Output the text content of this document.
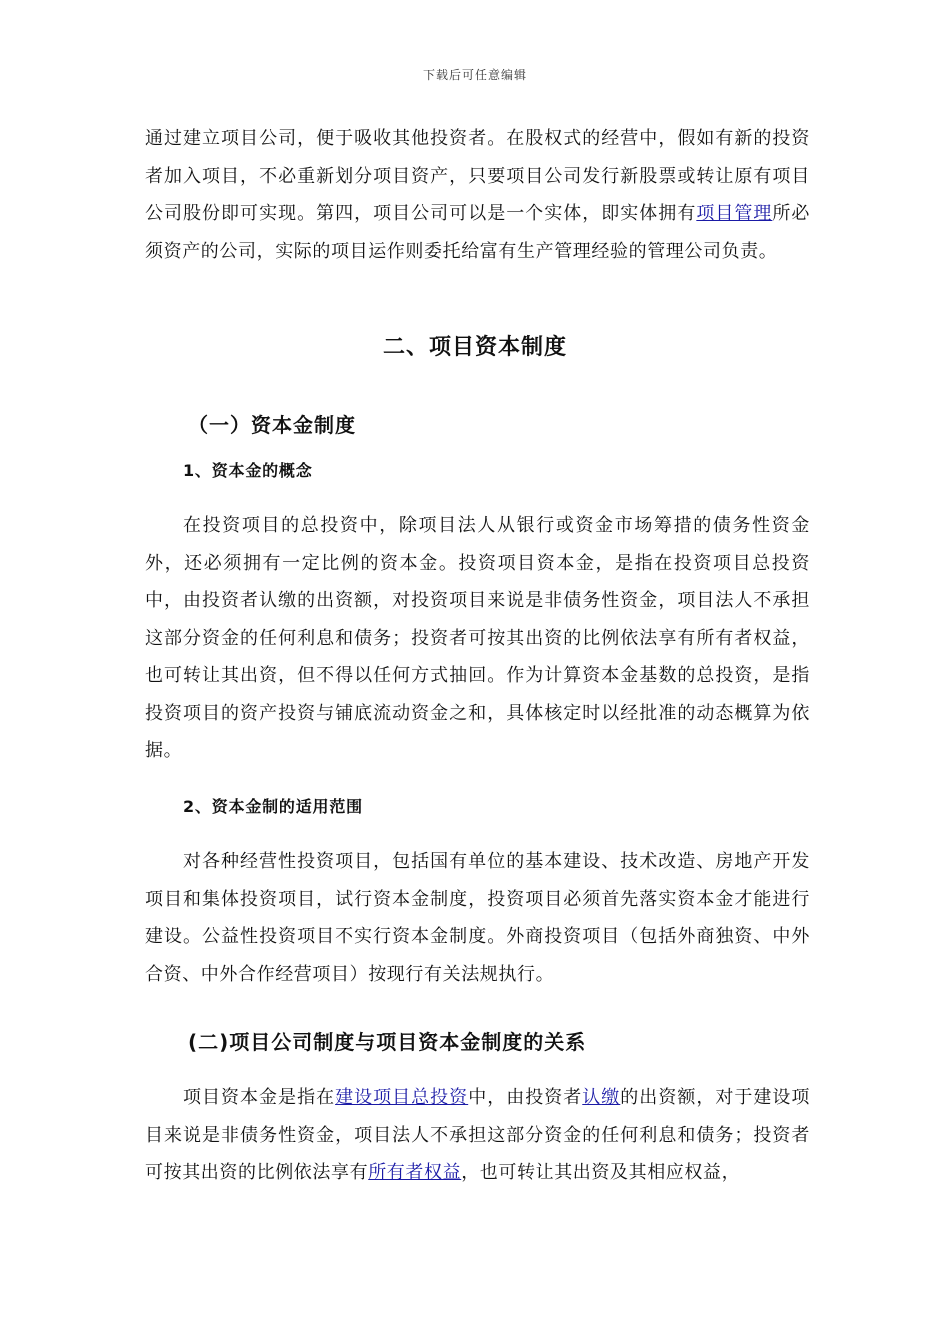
下载后可任意编辑

通过建立项目公司，便于吸收其他投资者。在股权式的经营中，假如有新的投资者加入项目，不必重新划分项目资产，只要项目公司发行新股票或转让原有项目公司股份即可实现。第四，项目公司可以是一个实体，即实体拥有项目管理所必须资产的公司，实际的项目运作则委托给富有生产管理经验的管理公司负责。

二、项目资本制度
（一）资本金制度
1、资本金的概念

在投资项目的总投资中，除项目法人从银行或资金市场筹措的债务性资金外，还必须拥有一定比例的资本金。投资项目资本金，是指在投资项目总投资中，由投资者认缴的出资额，对投资项目来说是非债务性资金，项目法人不承担这部分资金的任何利息和债务；投资者可按其出资的比例依法享有所有者权益，也可转让其出资，但不得以任何方式抽回。作为计算资本金基数的总投资，是指投资项目的资产投资与铺底流动资金之和，具体核定时以经批准的动态概算为依据。

2、资本金制的适用范围

对各种经营性投资项目，包括国有单位的基本建设、技术改造、房地产开发项目和集体投资项目，试行资本金制度，投资项目必须首先落实资本金才能进行建设。公益性投资项目不实行资本金制度。外商投资项目（包括外商独资、中外合资、中外合作经营项目）按现行有关法规执行。

(二)项目公司制度与项目资本金制度的关系

项目资本金是指在建设项目总投资中，由投资者认缴的出资额，对于建设项目来说是非债务性资金，项目法人不承担这部分资金的任何利息和债务；投资者可按其出资的比例依法享有所有者权益，也可转让其出资及其相应权益，
